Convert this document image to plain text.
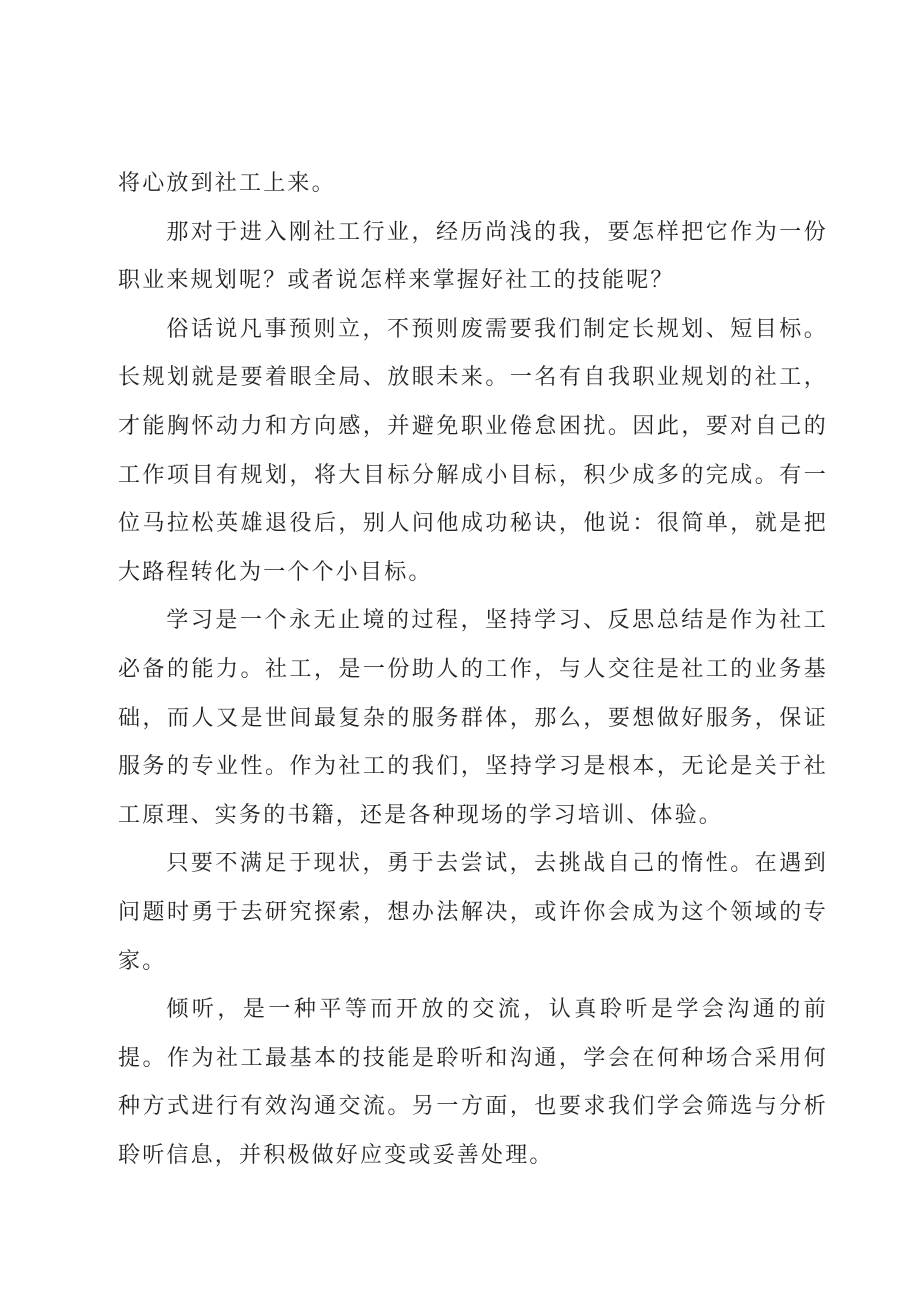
将心放到社工上来。

那对于进入刚社工行业，经历尚浅的我，要怎样把它作为一份职业来规划呢？或者说怎样来掌握好社工的技能呢？

俗话说凡事预则立，不预则废需要我们制定长规划、短目标。长规划就是要着眼全局、放眼未来。一名有自我职业规划的社工，才能胸怀动力和方向感，并避免职业倦怠困扰。因此，要对自己的工作项目有规划，将大目标分解成小目标，积少成多的完成。有一位马拉松英雄退役后，别人问他成功秘诀，他说：很简单，就是把大路程转化为一个个小目标。

学习是一个永无止境的过程，坚持学习、反思总结是作为社工必备的能力。社工，是一份助人的工作，与人交往是社工的业务基础，而人又是世间最复杂的服务群体，那么，要想做好服务，保证服务的专业性。作为社工的我们，坚持学习是根本，无论是关于社工原理、实务的书籍，还是各种现场的学习培训、体验。

只要不满足于现状，勇于去尝试，去挑战自己的惰性。在遇到问题时勇于去研究探索，想办法解决，或许你会成为这个领域的专家。

倾听，是一种平等而开放的交流，认真聆听是学会沟通的前提。作为社工最基本的技能是聆听和沟通，学会在何种场合采用何种方式进行有效沟通交流。另一方面，也要求我们学会筛选与分析聆听信息，并积极做好应变或妥善处理。
